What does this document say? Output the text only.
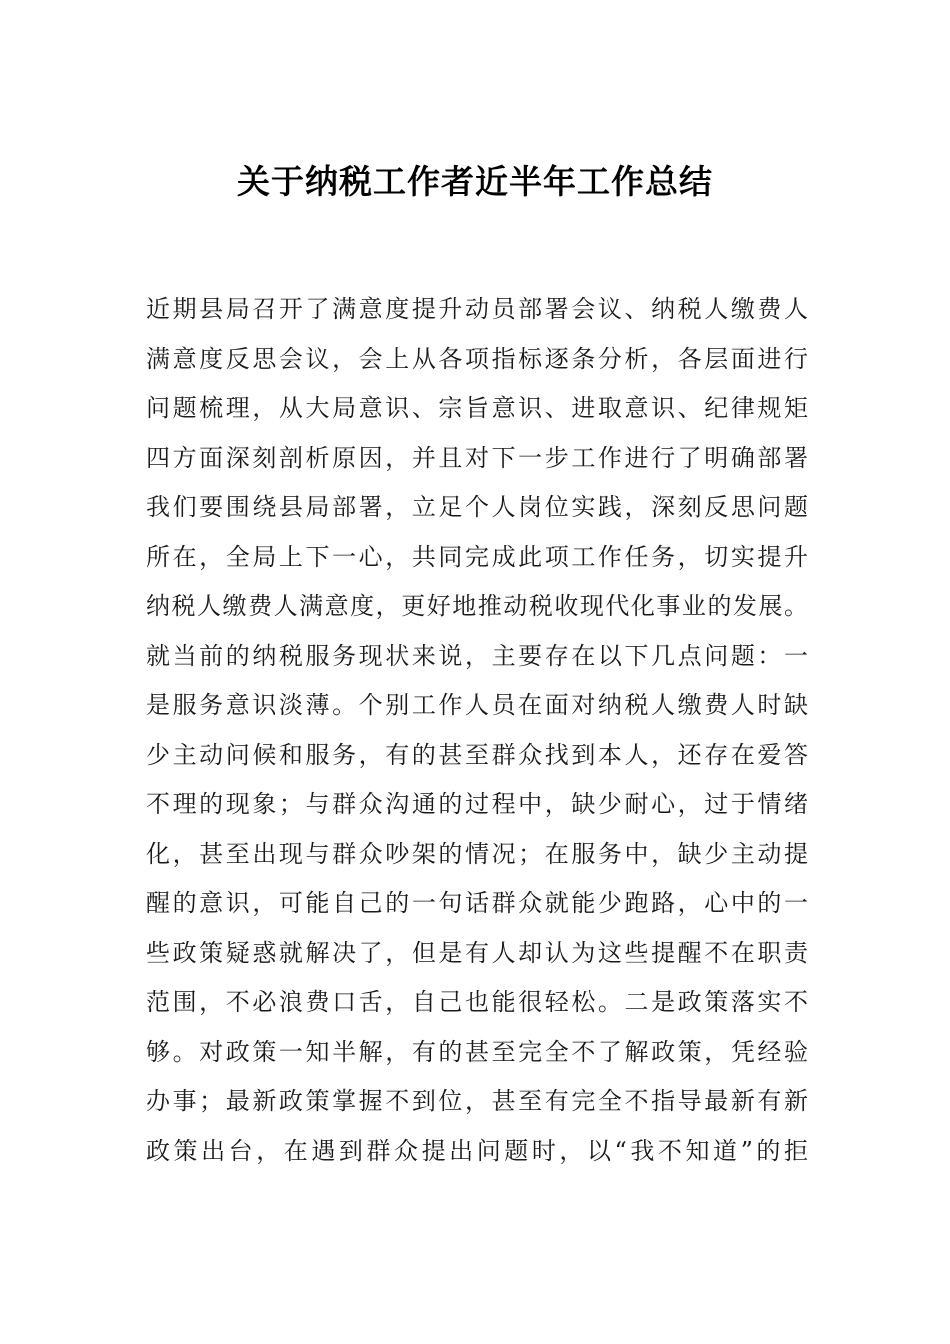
关于纳税工作者近半年工作总结
近期县局召开了满意度提升动员部署会议、纳税人缴费人
满意度反思会议，会上从各项指标逐条分析，各层面进行
问题梳理，从大局意识、宗旨意识、进取意识、纪律规矩
四方面深刻剖析原因，并且对下一步工作进行了明确部署
我们要围绕县局部署，立足个人岗位实践，深刻反思问题
所在，全局上下一心，共同完成此项工作任务，切实提升
纳税人缴费人满意度，更好地推动税收现代化事业的发展。
就当前的纳税服务现状来说，主要存在以下几点问题：一
是服务意识淡薄。个别工作人员在面对纳税人缴费人时缺
少主动问候和服务，有的甚至群众找到本人，还存在爱答
不理的现象；与群众沟通的过程中，缺少耐心，过于情绪
化，甚至出现与群众吵架的情况；在服务中，缺少主动提
醒的意识，可能自己的一句话群众就能少跑路，心中的一
些政策疑惑就解决了，但是有人却认为这些提醒不在职责
范围，不必浪费口舌，自己也能很轻松。二是政策落实不
够。对政策一知半解，有的甚至完全不了解政策，凭经验
办事；最新政策掌握不到位，甚至有完全不指导最新有新
政策出台，在遇到群众提出问题时，以“我不知道”的拒
